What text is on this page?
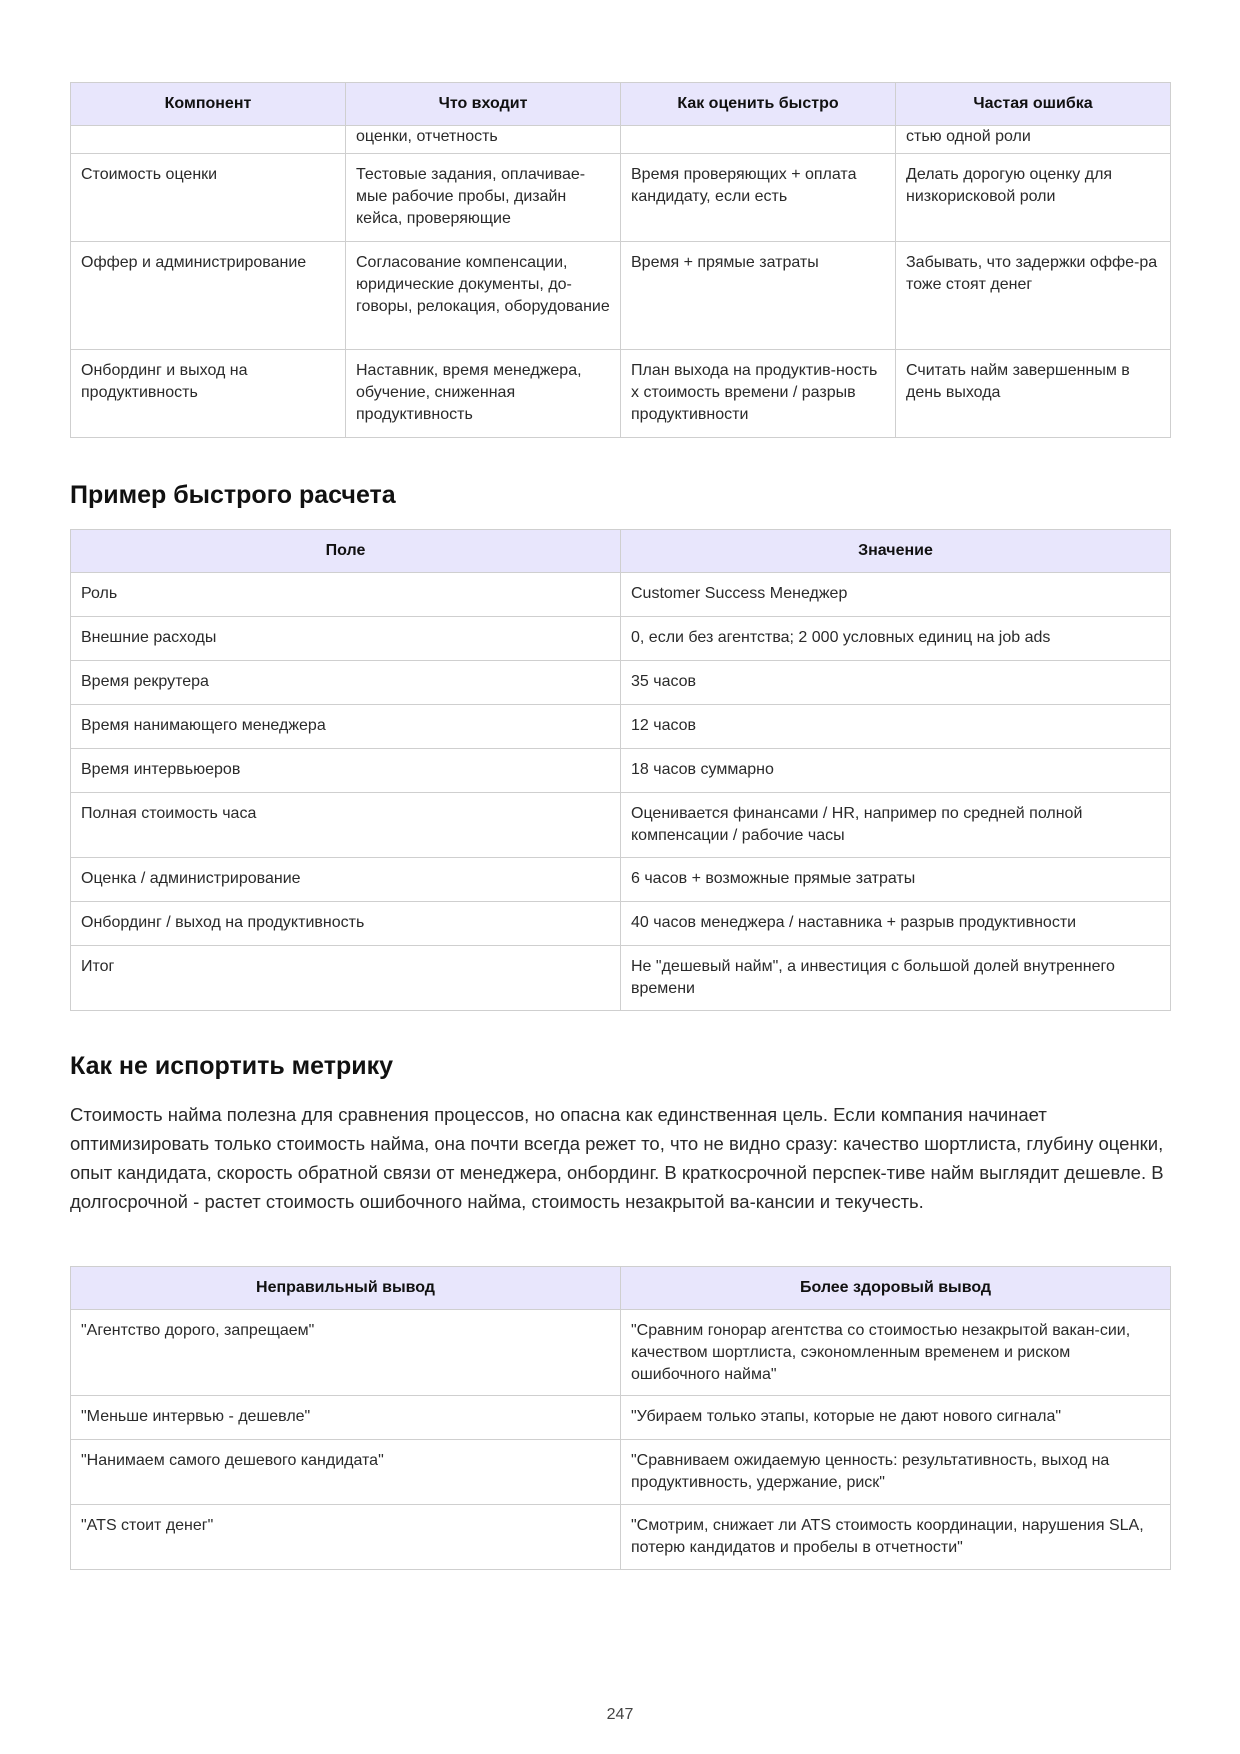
Компонент	Что входит	Как оценить быстро	Частая ошибка
	оценки, отчетность		стью одной роли
Стоимость оценки	Тестовые задания, оплачивае-мые рабочие пробы, дизайн кейса, проверяющие	Время проверяющих + оплата кандидату, если есть	Делать дорогую оценку для низкорисковой роли
Оффер и администрирование	Согласование компенсации, юридические документы, до-говоры, релокация, оборудование	Время + прямые затраты	Забывать, что задержки оффе-ра тоже стоят денег
Онбординг и выход на продуктивность	Наставник, время менеджера, обучение, сниженная продуктивность	План выхода на продуктив-ность x стоимость времени / разрыв продуктивности	Считать найм завершенным в день выхода
Пример быстрого расчета
Поле	Значение
Роль	Customer Success Менеджер
Внешние расходы	0, если без агентства; 2 000 условных единиц на job ads
Время рекрутера	35 часов
Время нанимающего менеджера	12 часов
Время интервьюеров	18 часов суммарно
Полная стоимость часа	Оценивается финансами / HR, например по средней полной компенсации / рабочие часы
Оценка / администрирование	6 часов + возможные прямые затраты
Онбординг / выход на продуктивность	40 часов менеджера / наставника + разрыв продуктивности
Итог	Не "дешевый найм", а инвестиция с большой долей внутреннего времени
Как не испортить метрику

Стоимость найма полезна для сравнения процессов, но опасна как единственная цель. Если компания начинает оптимизировать только стоимость найма, она почти всегда режет то, что не видно сразу: качество шортлиста, глубину оценки, опыт кандидата, скорость обратной связи от менеджера, онбординг. В краткосрочной перспек-тиве найм выглядит дешевле. В долгосрочной - растет стоимость ошибочного найма, стоимость незакрытой ва-кансии и текучесть.

Неправильный вывод	Более здоровый вывод
"Агентство дорого, запрещаем"	"Сравним гонорар агентства со стоимостью незакрытой вакан-сии, качеством шортлиста, сэкономленным временем и риском ошибочного найма"
"Меньше интервью - дешевле"	"Убираем только этапы, которые не дают нового сигнала"
"Нанимаем самого дешевого кандидата"	"Сравниваем ожидаемую ценность: результативность, выход на продуктивность, удержание, риск"
"ATS стоит денег"	"Смотрим, снижает ли ATS стоимость координации, нарушения SLA, потерю кандидатов и пробелы в отчетности"
247
